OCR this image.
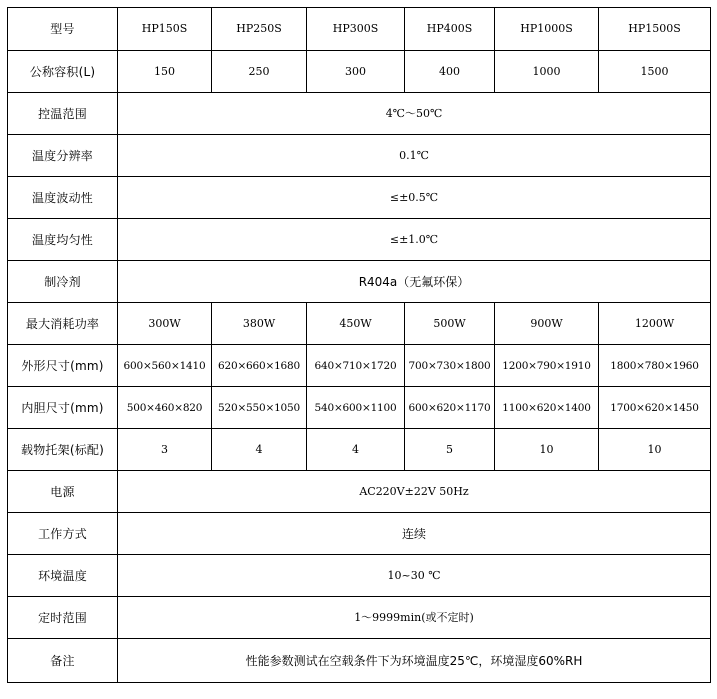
型号	HP150S	HP250S	HP300S	HP400S	HP1000S	HP1500S
公称容积(L)	150	250	300	400	1000	1500
控温范围	4℃～50℃					
温度分辨率	0.1℃					
温度波动性	≤±0.5℃					
温度均匀性	≤±1.0℃					
制冷剂	R404a（无氟环保）					
最大消耗功率	300W	380W	450W	500W	900W	1200W
外形尺寸(mm)	600×560×1410	620×660×1680	640×710×1720	700×730×1800	1200×790×1910	1800×780×1960
内胆尺寸(mm)	500×460×820	520×550×1050	540×600×1100	600×620×1170	1100×620×1400	1700×620×1450
载物托架(标配)	3	4	4	5	10	10
电源	AC220V±22V 50Hz					
工作方式	连续					
环境温度	10~30 ℃					
定时范围	1～9999min(或不定时)					
备注	性能参数测试在空载条件下为环境温度25℃，环境湿度60%RH					
